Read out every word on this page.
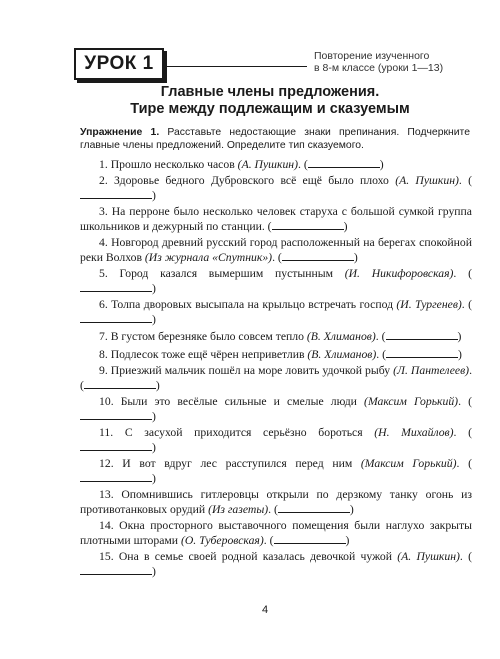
УРОК 1	Повторение изученного
в 8-м классе (уроки 1—13)
Главные члены предложения.
Тире между подлежащим и сказуемым
Упражнение 1. Расставьте недостающие знаки препинания. Подчеркните главные члены предложений. Определите тип сказуемого.

1. Прошло несколько часов (А. Пушкин). (	)

2. Здоровье бедного Дубровского всё ещё было плохо (А. Пушкин). ()

3. На перроне было несколько человек старуха с большой сумкой группа школьников и дежурный по станции. (	)

4. Новгород древний русский город расположенный на берегах спокойной реки Волхов (Из журнала «Спутник»). (	)

5. Город казался вымершим пустынным (И. Никифоровская). ()

6. Толпа дворовых высыпала на крыльцо встречать господ (И. Тургенев). ()

7. В густом березняке было совсем тепло (В. Хлиманов). (	)

8. Подлесок тоже ещё чёрен неприветлив (В. Хлиманов). (	)

9. Приезжий мальчик пошёл на море ловить удочкой рыбу (Л. Пантелеев). (	)

10. Были это весёлые сильные и смелые люди (Максим Горький). ()

11. С засухой приходится серьёзно бороться (Н. Михайлов). ()

12. И вот вдруг лес расступился перед ним (Максим Горький). ()

13. Опомнившись гитлеровцы открыли по дерзкому танку огонь из противотанковых орудий (Из газеты). (	)

14. Окна просторного выставочного помещения были наглухо закрыты плотными шторами (О. Туберовская). (	)

15. Она в семье своей родной казалась девочкой чужой (А. Пушкин). ()

4
